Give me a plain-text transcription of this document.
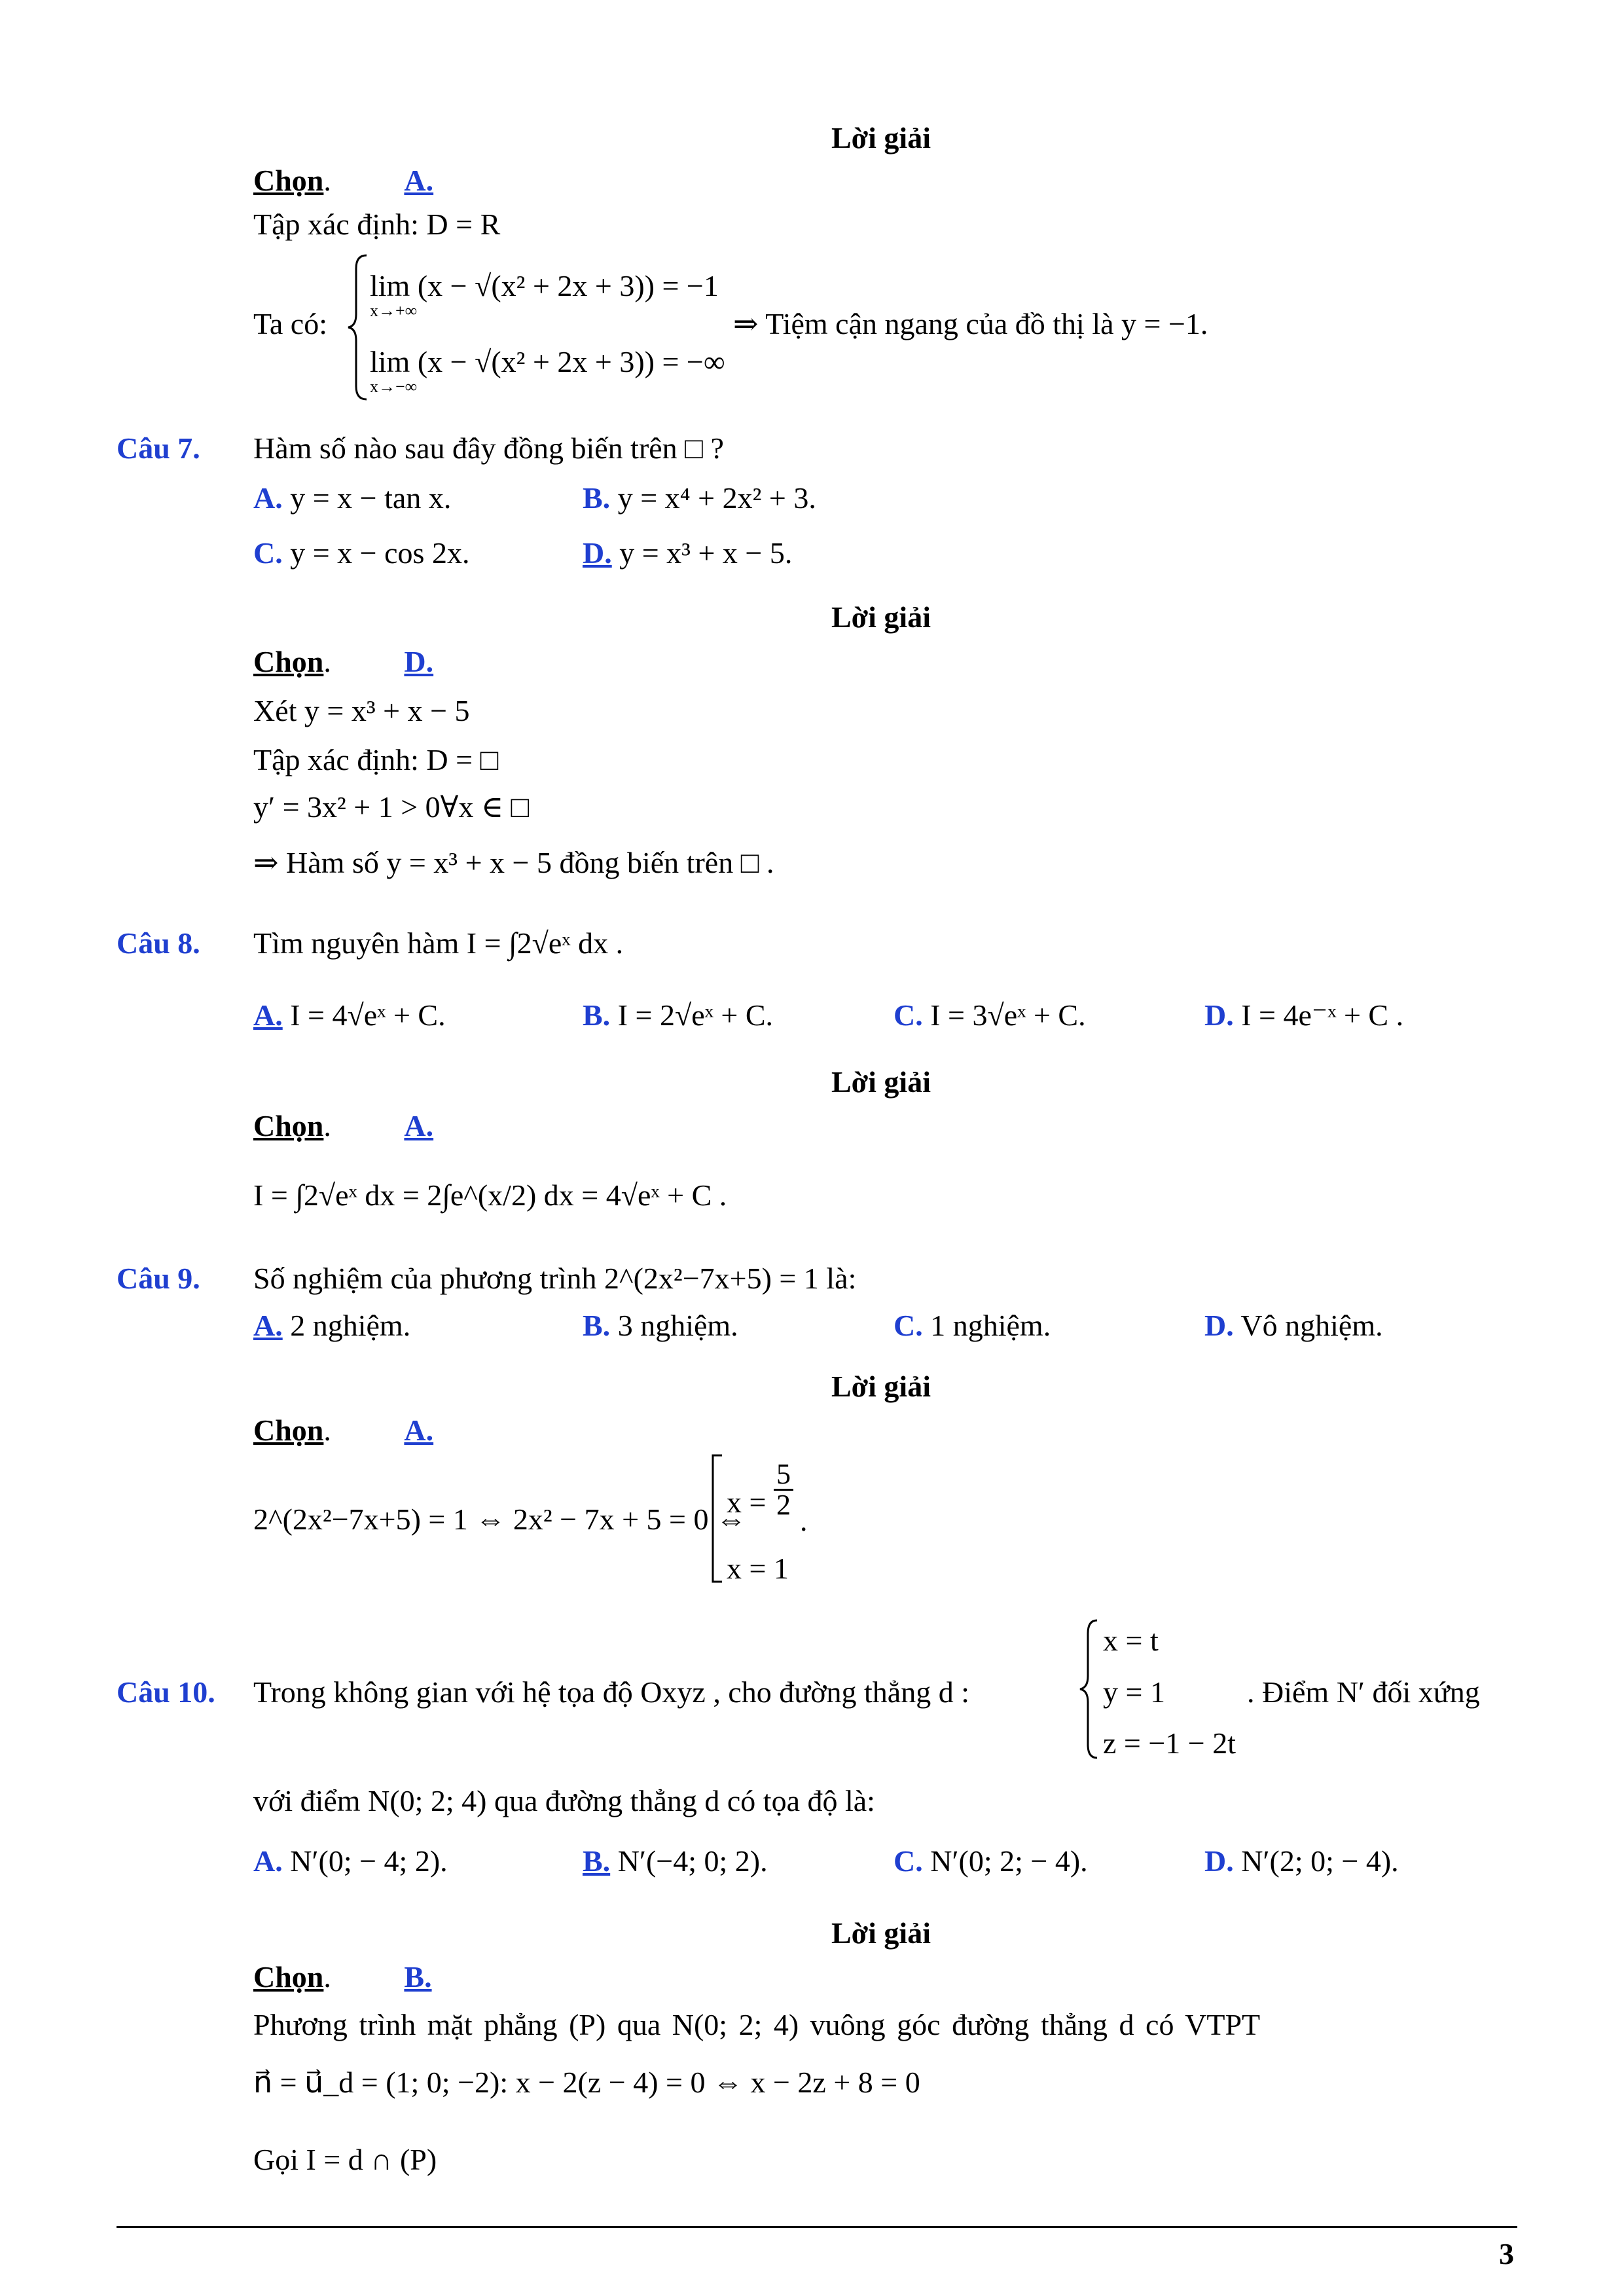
Lời giải
Chọn. A.
Tập xác định: D = R
Ta có:
lim (x − √(x² + 2x + 3)) = −1
x→+∞
lim (x − √(x² + 2x + 3)) = −∞
x→−∞
⇒ Tiệm cận ngang của đồ thị là y = −1.
Câu 7. Hàm số nào sau đây đồng biến trên □ ?
A. y = x − tan x.	B. y = x⁴ + 2x² + 3.
C. y = x − cos 2x.	D. y = x³ + x − 5.
Lời giải
Chọn. D.
Xét y = x³ + x − 5
Tập xác định: D = □
y′ = 3x² + 1 > 0∀x ∈ □
⇒ Hàm số y = x³ + x − 5 đồng biến trên □ .
Câu 8. Tìm nguyên hàm I = ∫2√eˣ dx .
A. I = 4√eˣ + C.	B. I = 2√eˣ + C.	C. I = 3√eˣ + C.	D. I = 4e⁻ˣ + C .
Lời giải
Chọn. A.
I = ∫2√eˣ dx = 2∫e^(x/2) dx = 4√eˣ + C .
Câu 9. Số nghiệm của phương trình 2^(2x²−7x+5) = 1 là:
A. 2 nghiệm.	B. 3 nghiệm.	C. 1 nghiệm.	D. Vô nghiệm.
Lời giải
Chọn. A.
2^(2x²−7x+5) = 1 ⇔ 2x² − 7x + 5 = 0 ⇔
$x = \frac{5}{2}$
.
x = 1
Câu 10. Trong không gian với hệ tọa độ Oxyz , cho đường thẳng d :
x = t
y = 1
z = −1 − 2t
. Điểm N′ đối xứng
với điểm N(0; 2; 4) qua đường thẳng d có tọa độ là:
A. N′(0; − 4; 2).	B. N′(−4; 0; 2).	C. N′(0; 2; − 4).	D. N′(2; 0; − 4).
Lời giải
Chọn. B.
Phương trình mặt phẳng (P) qua N(0; 2; 4) vuông góc đường thẳng d có VTPT
n⃗ = u⃗_d = (1; 0; −2): x − 2(z − 4) = 0 ⇔ x − 2z + 8 = 0
Gọi I = d ∩ (P)
3
